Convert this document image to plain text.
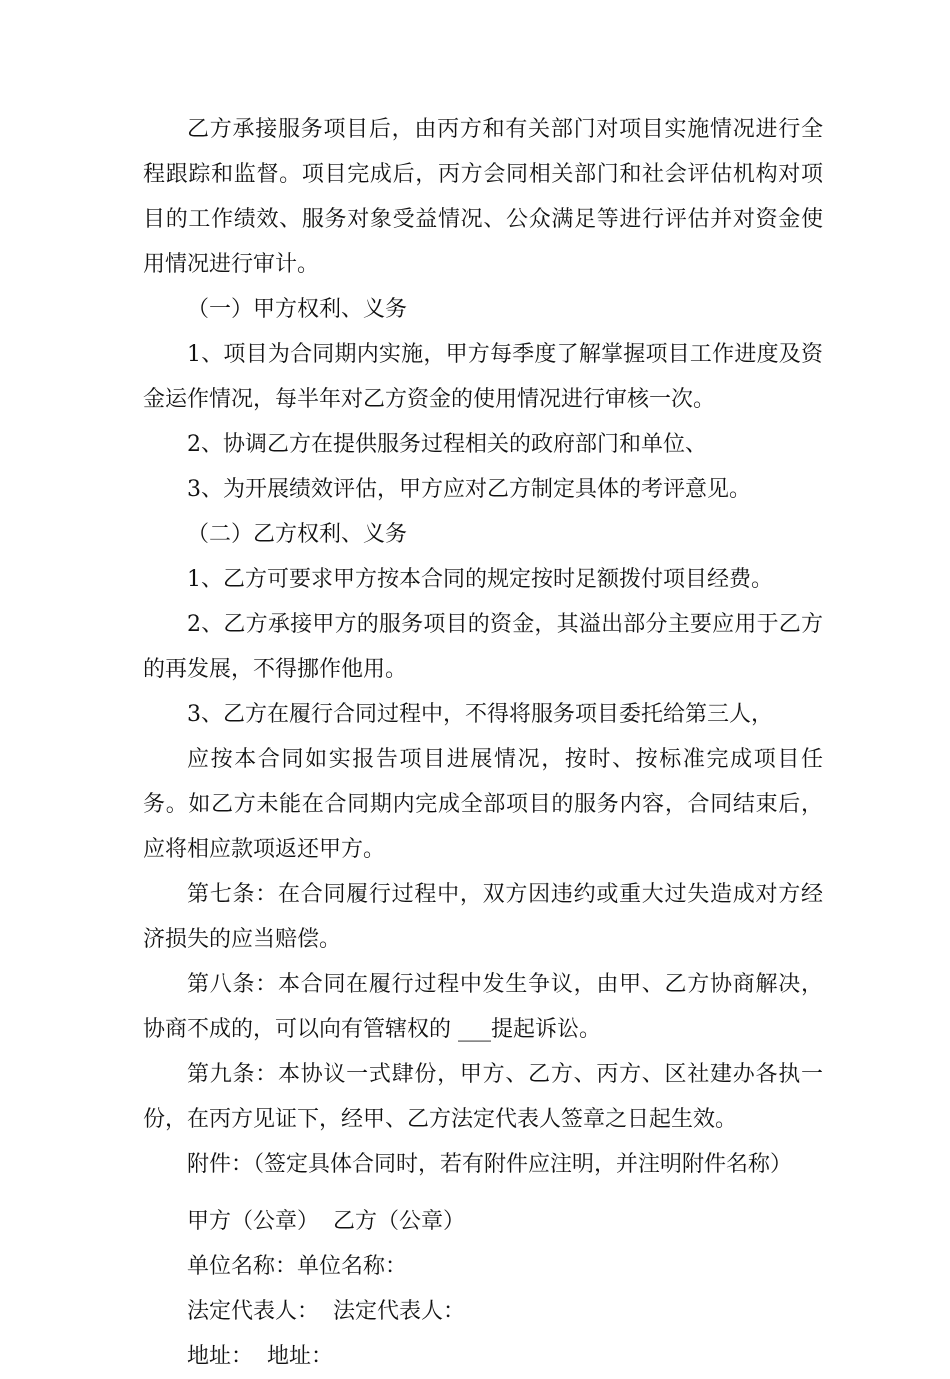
乙方承接服务项目后，由丙方和有关部门对项目实施情况进行全程跟踪和监督。项目完成后，丙方会同相关部门和社会评估机构对项目的工作绩效、服务对象受益情况、公众满足等进行评估并对资金使用情况进行审计。

（一）甲方权利、义务

1、项目为合同期内实施，甲方每季度了解掌握项目工作进度及资金运作情况，每半年对乙方资金的使用情况进行审核一次。

2、协调乙方在提供服务过程相关的政府部门和单位、

3、为开展绩效评估，甲方应对乙方制定具体的考评意见。

（二）乙方权利、义务

1、乙方可要求甲方按本合同的规定按时足额拨付项目经费。

2、乙方承接甲方的服务项目的资金，其溢出部分主要应用于乙方的再发展，不得挪作他用。

3、乙方在履行合同过程中，不得将服务项目委托给第三人，

应按本合同如实报告项目进展情况，按时、按标准完成项目任务。如乙方未能在合同期内完成全部项目的服务内容，合同结束后，应将相应款项返还甲方。

第七条：在合同履行过程中，双方因违约或重大过失造成对方经济损失的应当赔偿。

第八条：本合同在履行过程中发生争议，由甲、乙方协商解决，协商不成的，可以向有管辖权的 ___提起诉讼。

第九条：本协议一式肆份，甲方、乙方、丙方、区社建办各执一份，在丙方见证下，经甲、乙方法定代表人签章之日起生效。

附件：（签定具体合同时，若有附件应注明，并注明附件名称）

甲方（公章） 乙方（公章）

单位名称：单位名称：

法定代表人： 法定代表人：

地址： 地址：
